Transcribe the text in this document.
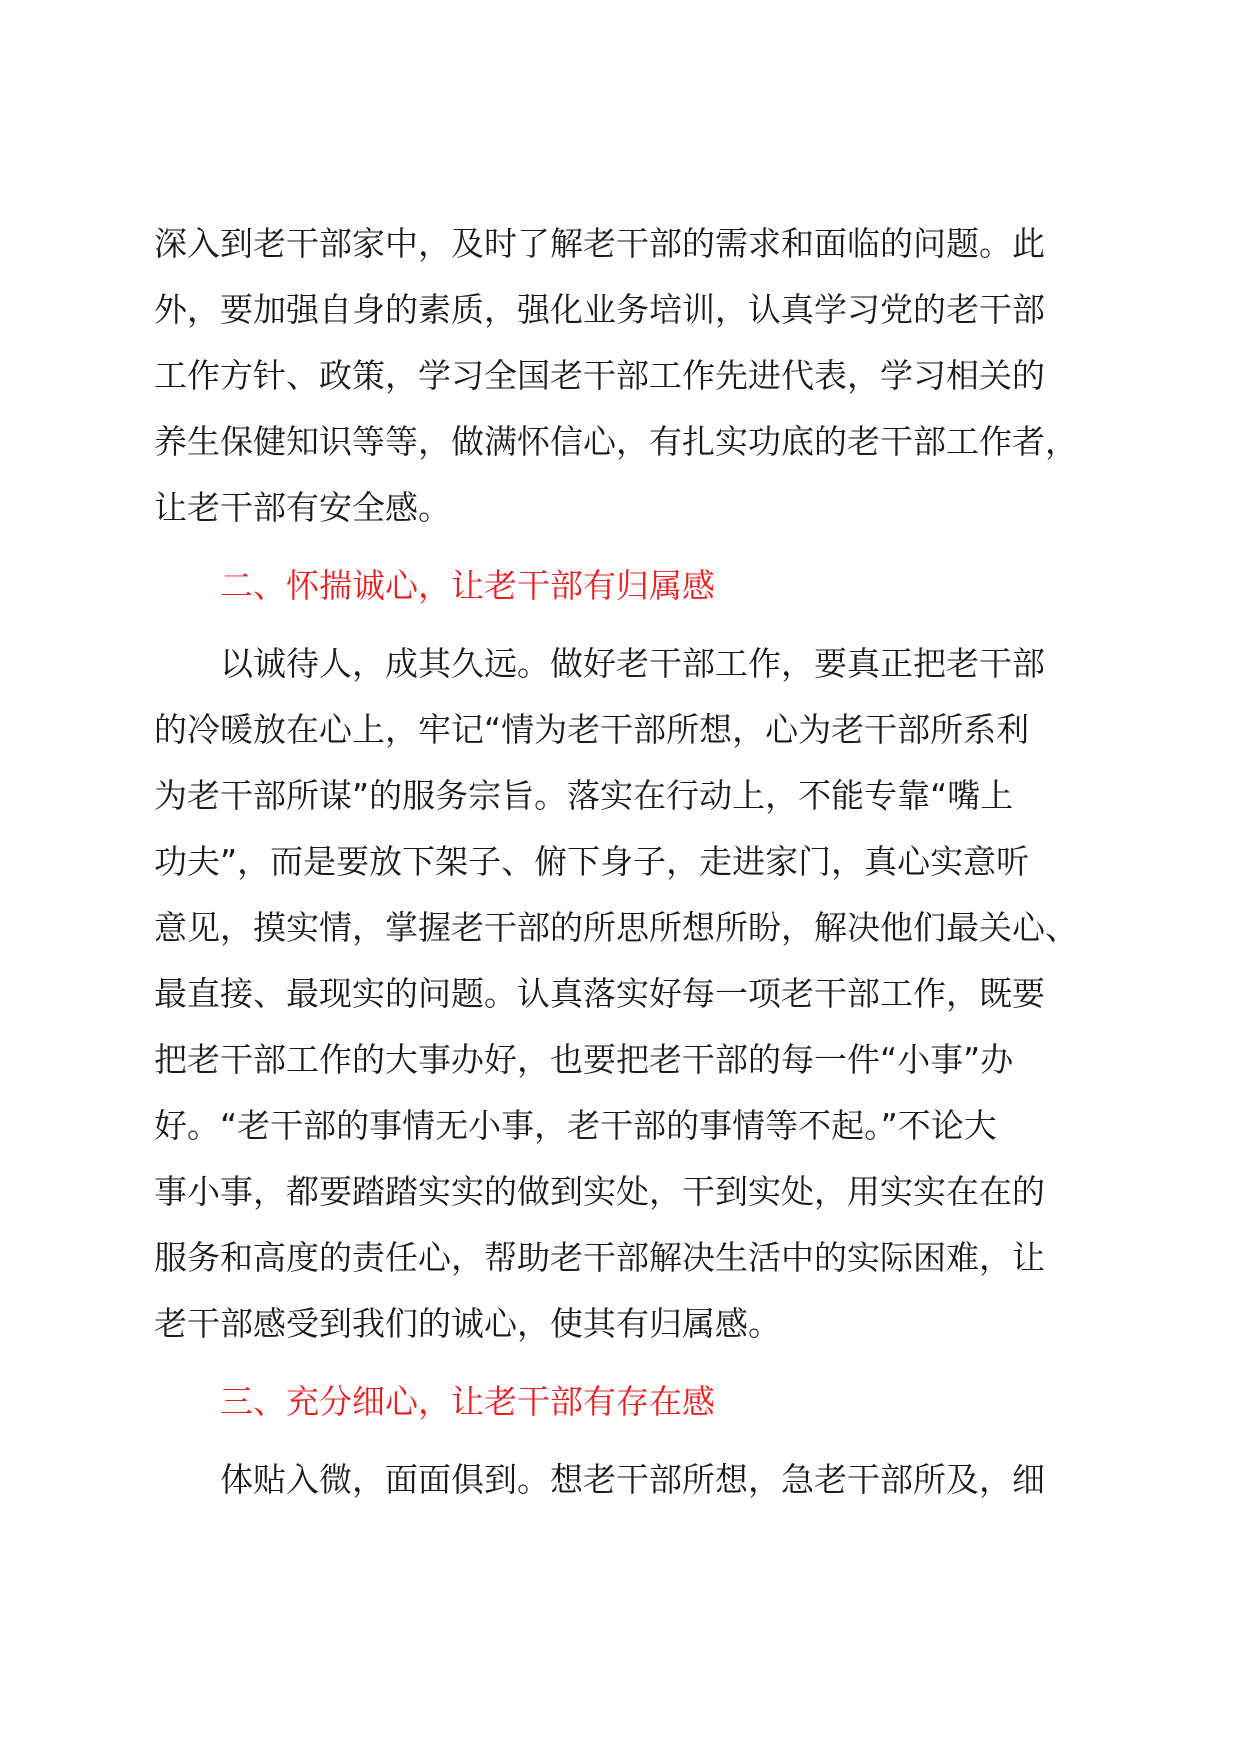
深入到老干部家中，及时了解老干部的需求和面临的问题。此
外，要加强自身的素质，强化业务培训，认真学习党的老干部
工作方针、政策，学习全国老干部工作先进代表，学习相关的
养生保健知识等等，做满怀信心，有扎实功底的老干部工作者，
让老干部有安全感。
二、怀揣诚心，让老干部有归属感
以诚待人，成其久远。做好老干部工作，要真正把老干部
的冷暖放在心上，牢记“情为老干部所想，心为老干部所系利
为老干部所谋”的服务宗旨。落实在行动上，不能专靠“嘴上
功夫”，而是要放下架子、俯下身子，走进家门，真心实意听
意见，摸实情，掌握老干部的所思所想所盼，解决他们最关心、
最直接、最现实的问题。认真落实好每一项老干部工作，既要
把老干部工作的大事办好，也要把老干部的每一件“小事”办
好。“老干部的事情无小事，老干部的事情等不起。”不论大
事小事，都要踏踏实实的做到实处，干到实处，用实实在在的
服务和高度的责任心，帮助老干部解决生活中的实际困难，让
老干部感受到我们的诚心，使其有归属感。
三、充分细心，让老干部有存在感
体贴入微，面面俱到。想老干部所想，急老干部所及，细
